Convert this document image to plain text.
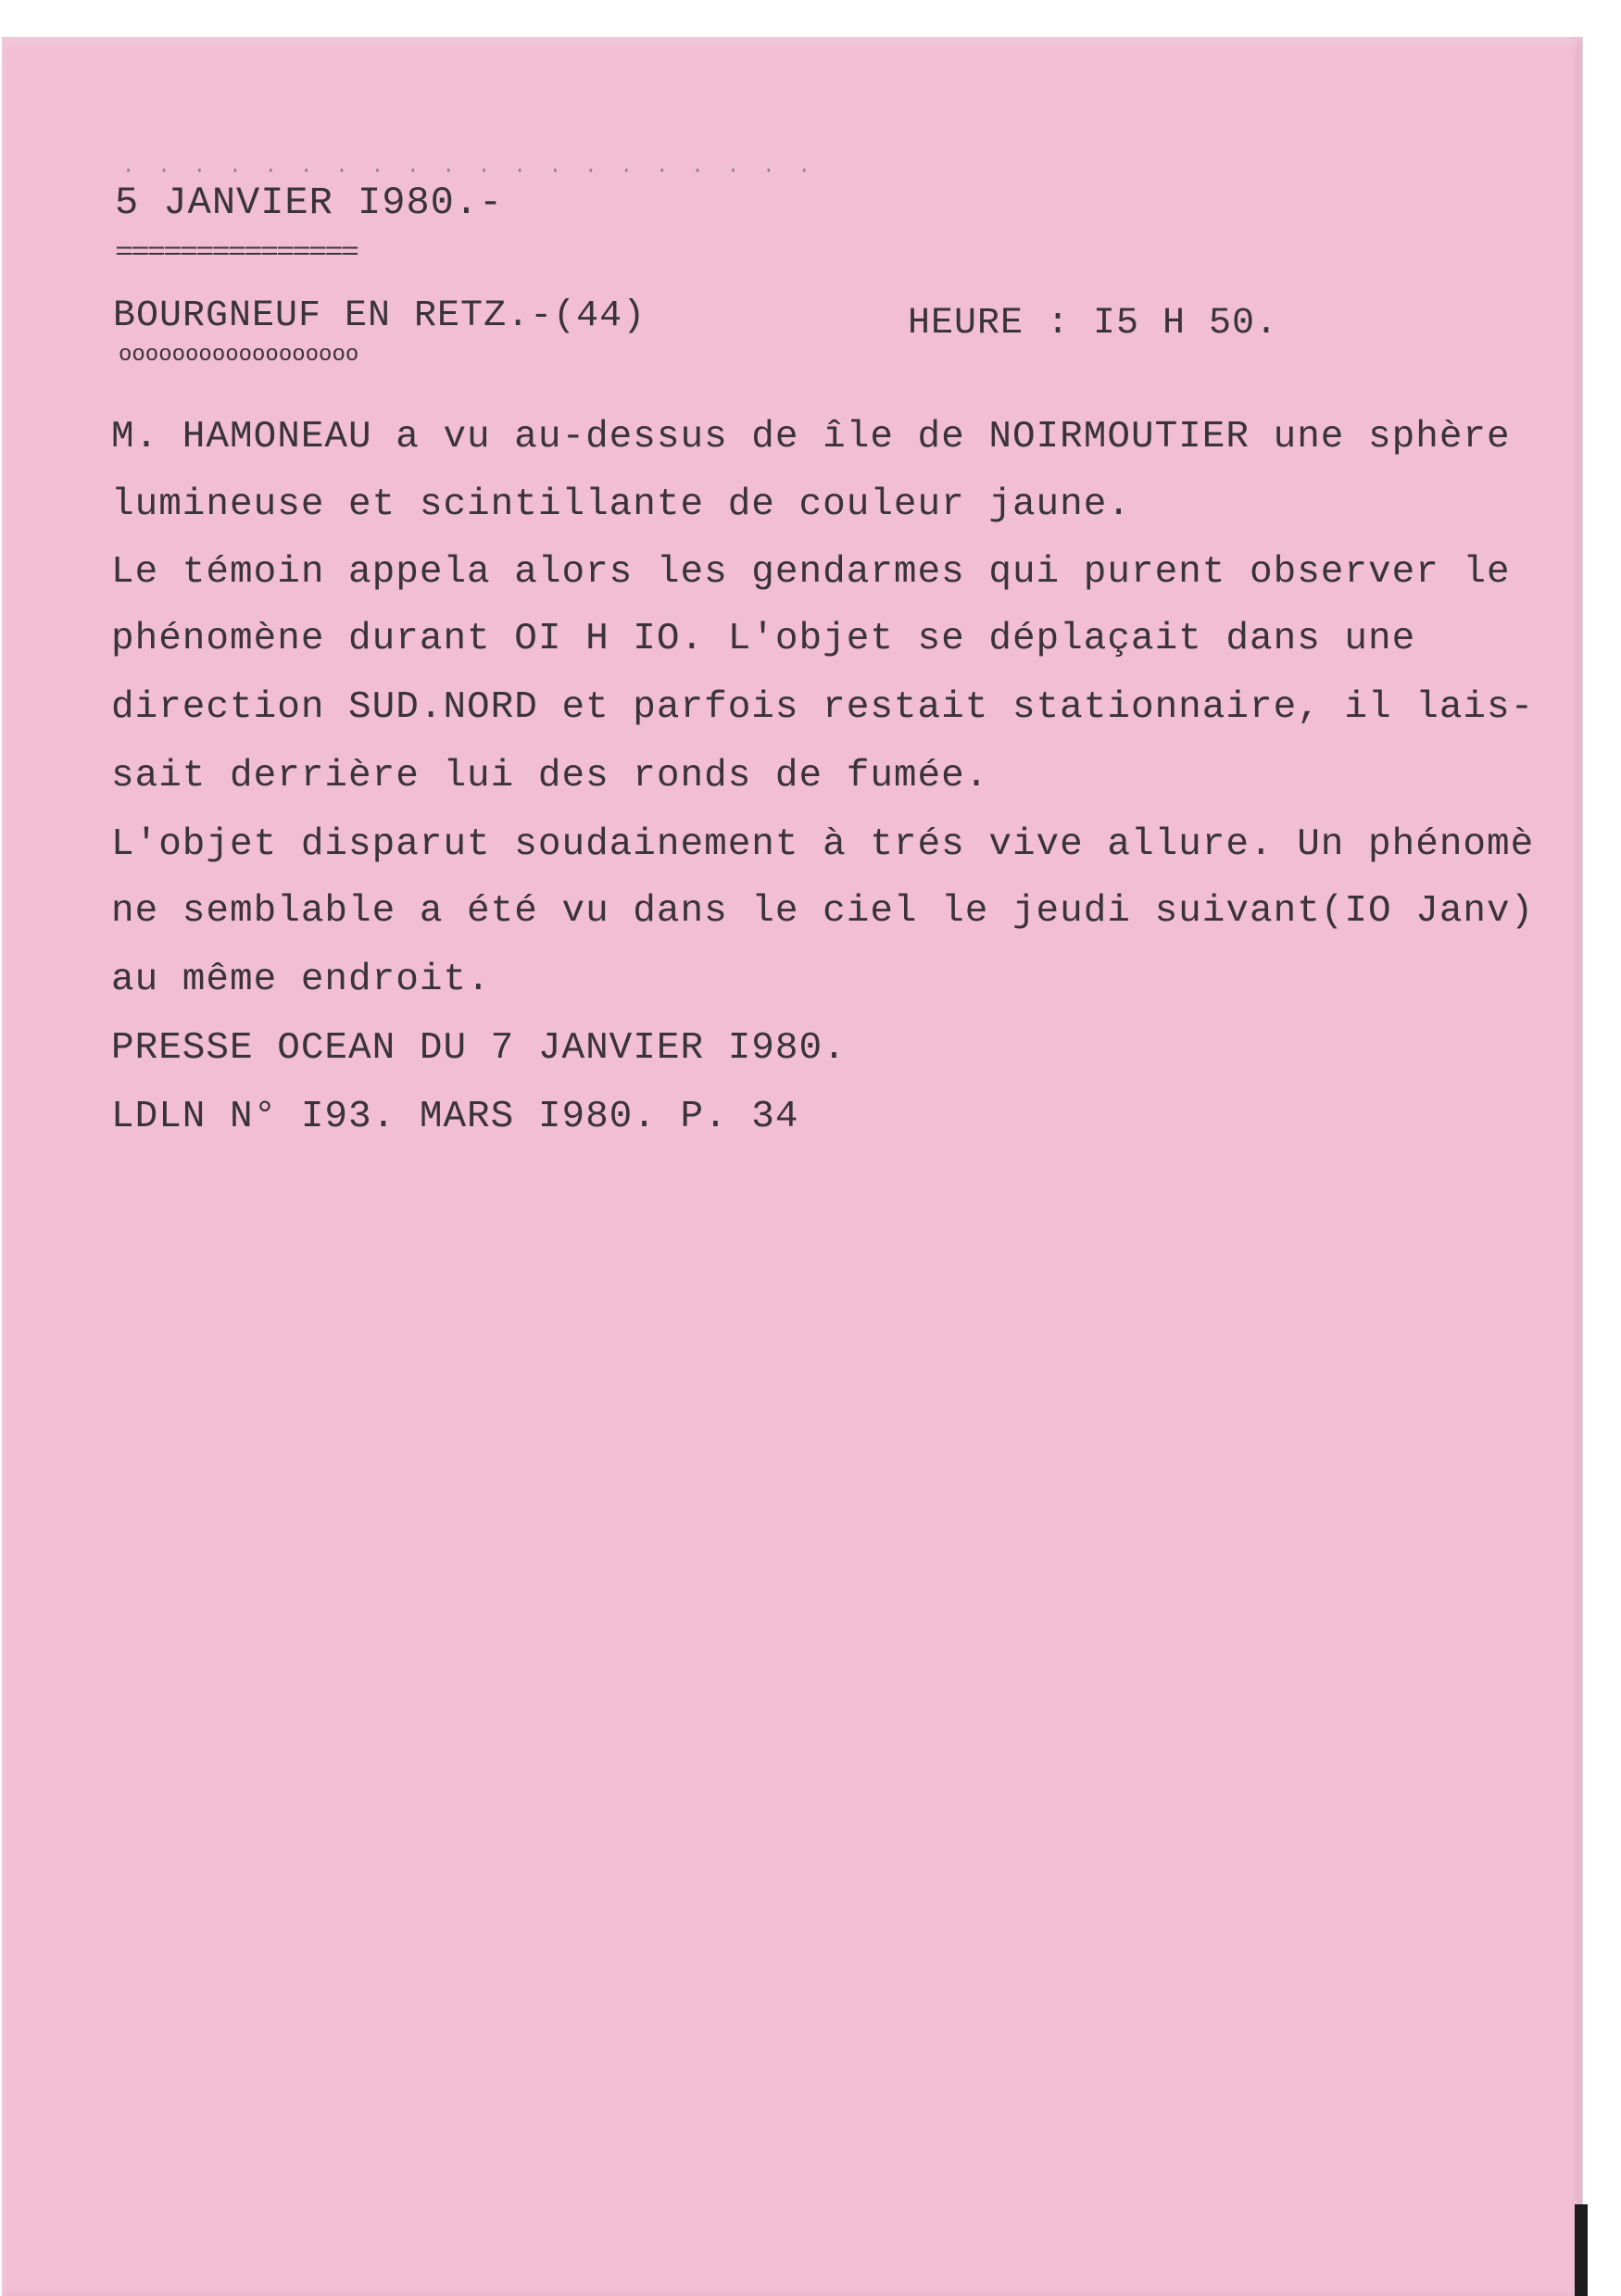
· · · · · · · · · · · · · · · · · · · ·
5 JANVIER I980.-
===============
BOURGNEUF EN RETZ.-(44)
oooooooooooooooooo
HEURE : I5 H 50.
M. HAMONEAU a vu au-dessus de île de NOIRMOUTIER une sphère
lumineuse et scintillante de couleur jaune.
Le témoin appela alors les gendarmes qui purent observer le
phénomène durant OI H IO. L'objet se déplaçait dans une
direction SUD.NORD et parfois restait stationnaire, il lais-
sait derrière lui des ronds de fumée.
L'objet disparut soudainement à trés vive allure. Un phénomè
ne semblable a été vu dans le ciel le jeudi suivant(IO Janv)
au même endroit.
PRESSE OCEAN DU 7 JANVIER I980.
LDLN N° I93. MARS I980. P. 34
